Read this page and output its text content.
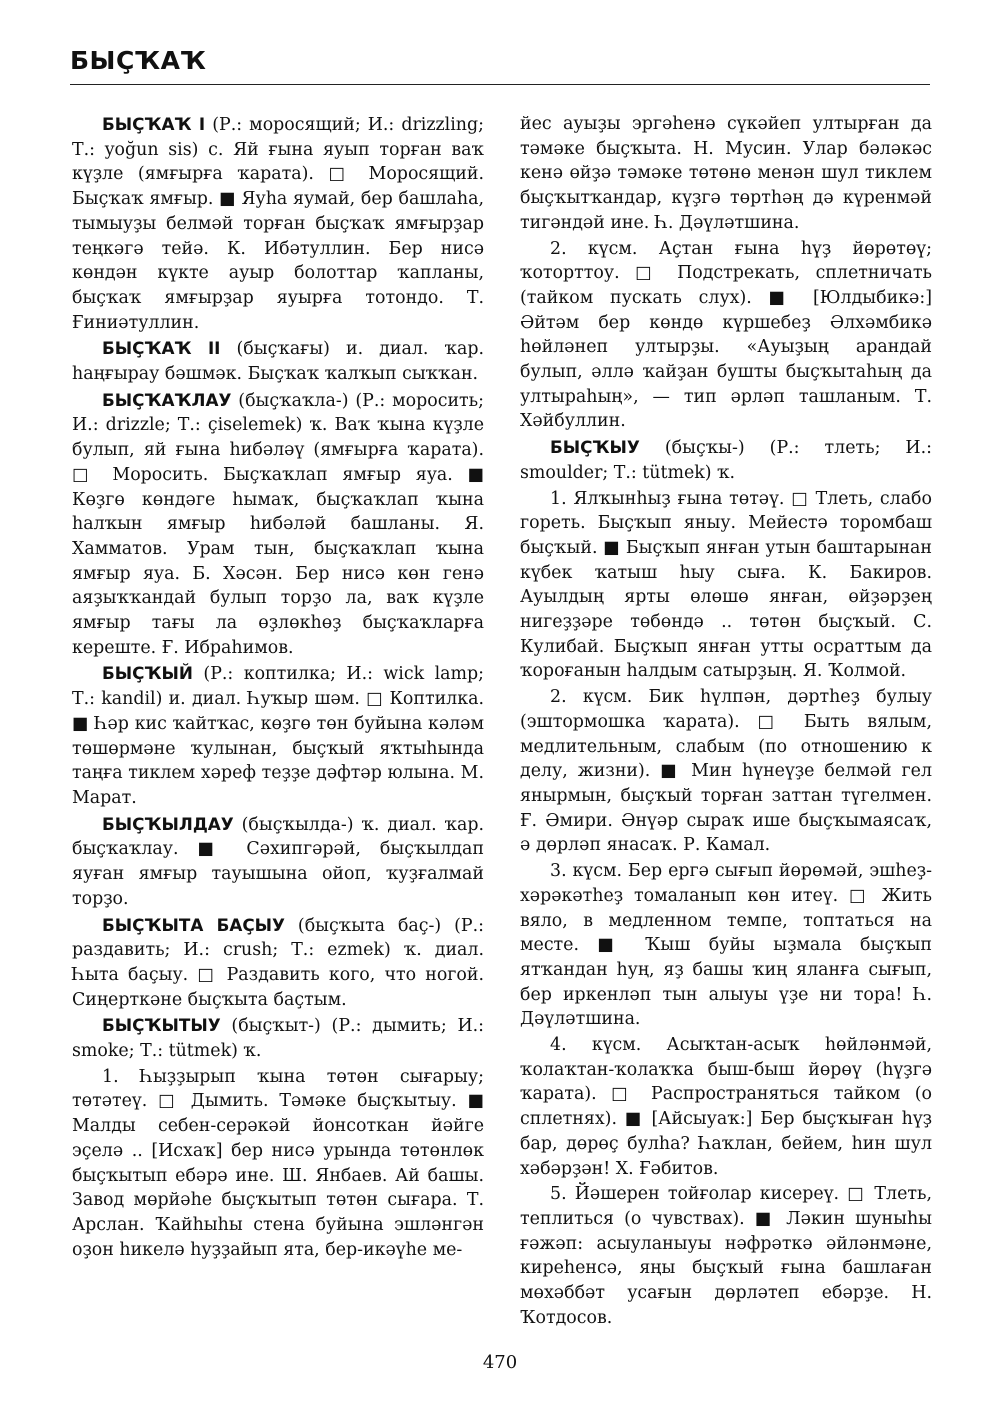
БЫҪҠАҠ

БЫҪҠАҠ I (Р.: моросящий; И.: drizzling; Т.: yoğun sis) с. Яй ғына яуып торған ваҡ күҙле (ямғырға ҡарата). □ Моросящий. Быҫҡаҡ ямғыр. ■ Яуһа яумай, бер башлаһа, тымыуҙы белмәй торған быҫҡаҡ ямғырҙар теңкәгә тейә. К. Ибәтуллин. Бер нисә көндән күкте ауыр болоттар ҡапланы, быҫҡаҡ ямғырҙар яуырға тотондо. Т. Ғиниәтуллин.

БЫҪҠАҠ II (быҫҡағы) и. диал. ҡар. һаңғырау бәшмәк. Быҫҡаҡ ҡалҡып сыҡҡан.

БЫҪҠАҠЛАУ (быҫҡаҡла-) (Р.: моросить; И.: drizzle; Т.: çiselemek) ҡ. Ваҡ ҡына күҙле булып, яй ғына һибәләү (ямғырға ҡарата). □ Моросить. Быҫҡаҡлап ямғыр яуа. ■ Көҙгө көндәге һымаҡ, быҫҡаҡлап ҡына һалҡын ямғыр һибәләй башланы. Я. Хамматов. Урам тын, быҫҡаҡлап ҡына ямғыр яуа. Б. Хәсән. Бер нисә көн генә аяҙыҡҡандай булып торҙо ла, ваҡ күҙле ямғыр тағы ла өҙлөкһөҙ быҫҡаҡларға кереште. Ғ. Ибраһимов.

БЫҪҠЫЙ (Р.: коптилка; И.: wick lamp; Т.: kandil) и. диал. Һуҡыр шәм. □ Коптилка. ■ Һәр кис ҡайтҡас, көҙгө төн буйына кәләм төшөрмәне ҡулынан, быҫҡый яҡтыһында таңға тиклем хәреф теҙҙе дәфтәр юлына. М. Марат.

БЫҪҠЫЛДАУ (быҫҡылда-) ҡ. диал. ҡар. быҫҡаҡлау. ■ Сәхипгәрәй, быҫҡылдап яуған ямғыр тауышына ойоп, ҡуҙғалмай торҙо.

БЫҪҠЫТА БАҪЫУ (быҫҡыта баҫ-) (Р.: раздавить; И.: crush; Т.: ezmek) ҡ. диал. Һыта баҫыу. □ Раздавить кого, что ногой. Сиңерткәне быҫҡыта баҫтым.

БЫҪҠЫТЫУ (быҫҡыт-) (Р.: дымить; И.: smoke; Т.: tütmek) ҡ.

1. Һыҙҙырып ҡына төтөн сығарыу; төтәтеү. □ Дымить. Тәмәке быҫҡытыу. ■ Малды себен-серәкәй йонсоткан йәйге эҫелә .. [Исхаҡ] бер нисә урында төтөнлөк быҫҡытып ебәрә ине. Ш. Янбаев. Ай башы. Завод мөрйәһе быҫҡытып төтөн сығара. Т. Арслан. Ҡайһыһы стена буйына эшләнгән оҙон һикелә һуҙҙайып ята, бер-икәүһе ме-

йес ауыҙы эргәһенә сүкәйеп ултырған да тәмәке быҫҡыта. Н. Мусин. Улар бәләкәс кенә өйҙә тәмәке төтөнө менән шул тиклем быҫҡытҡандар, күҙгә төртһәң дә күренмәй тигәндәй ине. Һ. Дәүләтшина.

2. күсм. Аҫтан ғына һүҙ йөрөтөү; ҡоторттоу. □ Подстрекать, сплетничать (тайком пускать слух). ■ [Юлдыбикә:] Әйтәм бер көндө күршебеҙ Әлхәмбикә һөйләнеп ултырҙы. «Ауыҙың арандай булып, әллә ҡайҙан бушты быҫҡытаһың да ултыраһың», — тип әрләп ташланым. Т. Хәйбуллин.

БЫҪҠЫУ (быҫҡы-) (Р.: тлеть; И.: smoulder; Т.: tütmek) ҡ.

1. Ялҡынһыҙ ғына төтәү. □ Тлеть, слабо гореть. Быҫҡып яныу. Мейестә торомбаш быҫҡый. ■ Быҫҡып янған утын баштарынан күбек ҡатыш һыу сыға. К. Бакиров. Ауылдың ярты өлөшө янған, өйҙәрҙең нигеҙҙәре төбөндә .. төтөн быҫҡый. С. Кулибай. Быҫҡып янған утты осраттым да ҡороғанын һалдым сатырҙың. Я. Ҡолмой.

2. күсм. Бик һүлпән, дәртһеҙ булыу (эштормошка ҡарата). □ Быть вялым, медлительным, слабым (по отношению к делу, жизни). ■ Мин һүнеүҙе белмәй гел янырмын, быҫҡый торған заттан түгелмен. Ғ. Әмири. Әнүәр сыраҡ ише быҫҡымаясаҡ, ә дөрләп янасаҡ. Р. Камал.

3. күсм. Бер ергә сығып йөрөмәй, эшһеҙ-хәрәкәтһеҙ томаланып көн итеү. □ Жить вяло, в медленном темпе, топтаться на месте. ■ Ҡыш буйы ыҙмала быҫҡып ятҡандан һуң, яҙ башы ҡиң яланға сығып, бер иркенләп тын алыуы үҙе ни тора! Һ. Дәүләтшина.

4. күсм. Асыҡтан-асыҡ һөйләнмәй, ҡолаҡтан-ҡолаҡҡа быш-быш йөрөү (һүҙгә ҡарата). □ Распространяться тайком (о сплетнях). ■ [Айсыуаҡ:] Бер быҫҡыған һүҙ бар, дөрөҫ булһа? Һаҡлан, бейем, һин шул хәбәрҙән! Х. Ғәбитов.

5. Йәшерен тойғолар кисереү. □ Тлеть, теплиться (о чувствах). ■ Ләкин шуныһы ғәжәп: асыуланыуы нәфрәткә әйләнмәне, киреһенсә, яңы быҫҡый ғына башлаған мөхәббәт усағын дөрләтеп ебәрҙе. Н. Ҡотдосов.

470
